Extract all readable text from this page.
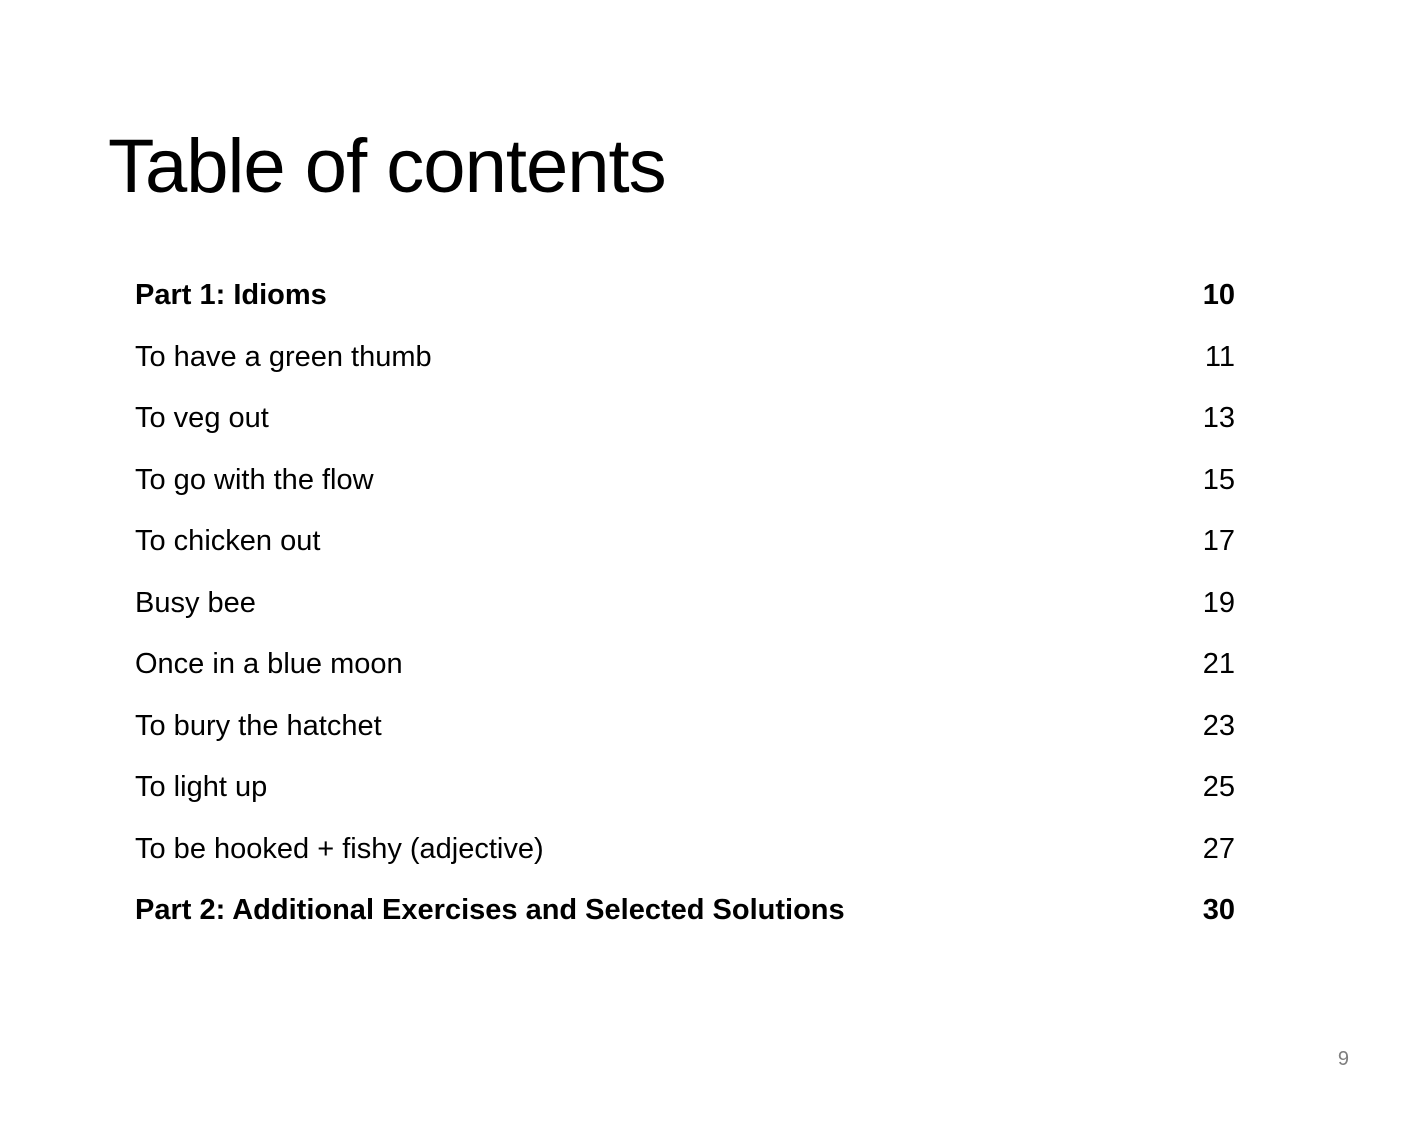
Table of contents
Part 1: Idioms	10
To have a green thumb	11
To veg out	13
To go with the flow	15
To chicken out	17
Busy bee	19
Once in a blue moon	21
To bury the hatchet	23
To light up	25
To be hooked + fishy (adjective)	27
Part 2: Additional Exercises and Selected Solutions	30
9
